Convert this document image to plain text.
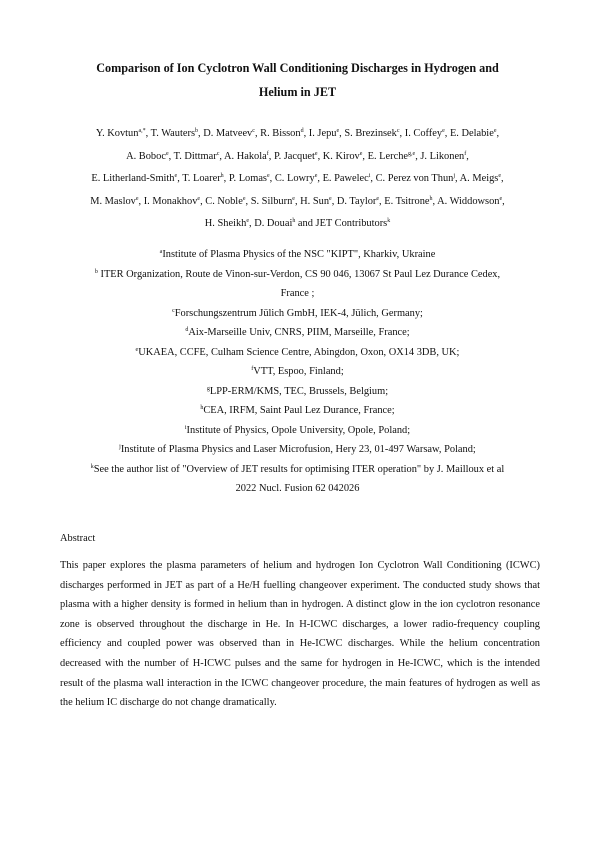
Comparison of Ion Cyclotron Wall Conditioning Discharges in Hydrogen and
Helium in JET
Y. Kovtun$^{a,*}$, T. Wauters$^b$, D. Matveev$^c$, R. Bisson$^d$, I. Jepu$^e$, S. Brezinsek$^c$, I. Coffey$^e$, E. Delabie$^e$,
A. Boboc$^e$, T. Dittmar$^c$, A. Hakola$^f$, P. Jacquet$^e$, K. Kirov$^e$, E. Lerche$^{g,e}$, J. Likonen$^f$,
E. Litherland-Smith$^e$, T. Loarer$^h$, P. Lomas$^e$, C. Lowry$^e$, E. Pawelec$^i$, C. Perez von Thun$^j$, A. Meigs$^e$,
M. Maslov$^e$, I. Monakhov$^e$, C. Noble$^e$, S. Silburn$^e$, H. Sun$^e$, D. Taylor$^e$, E. Tsitrone$^h$, A. Widdowson$^e$,
H. Sheikh$^e$, D. Douai$^h$ and JET Contributors$^k$
$^a$Institute of Plasma Physics of the NSC "KIPT", Kharkiv, Ukraine
$^b$ ITER Organization, Route de Vinon-sur-Verdon, CS 90 046, 13067 St Paul Lez Durance Cedex,
France ;
$^c$Forschungszentrum Jülich GmbH, IEK-4, Jülich, Germany;
$^d$Aix-Marseille Univ, CNRS, PIIM, Marseille, France;
$^e$UKAEA, CCFE, Culham Science Centre, Abingdon, Oxon, OX14 3DB, UK;
$^f$VTT, Espoo, Finland;
$^g$LPP-ERM/KMS, TEC, Brussels, Belgium;
$^h$CEA, IRFM, Saint Paul Lez Durance, France;
$^i$Institute of Physics, Opole University, Opole, Poland;
$^j$Institute of Plasma Physics and Laser Microfusion, Hery 23, 01-497 Warsaw, Poland;
$^k$See the author list of "Overview of JET results for optimising ITER operation" by J. Mailloux et al
2022 Nucl. Fusion 62 042026
Abstract
This paper explores the plasma parameters of helium and hydrogen Ion Cyclotron Wall Conditioning (ICWC) discharges performed in JET as part of a He/H fuelling changeover experiment. The conducted study shows that plasma with a higher density is formed in helium than in hydrogen. A distinct glow in the ion cyclotron resonance zone is observed throughout the discharge in He. In H-ICWC discharges, a lower radio-frequency coupling efficiency and coupled power was observed than in He-ICWC discharges. While the helium concentration decreased with the number of H-ICWC pulses and the same for hydrogen in He-ICWC, which is the intended result of the plasma wall interaction in the ICWC changeover procedure, the main features of hydrogen as well as the helium IC discharge do not change dramatically.
